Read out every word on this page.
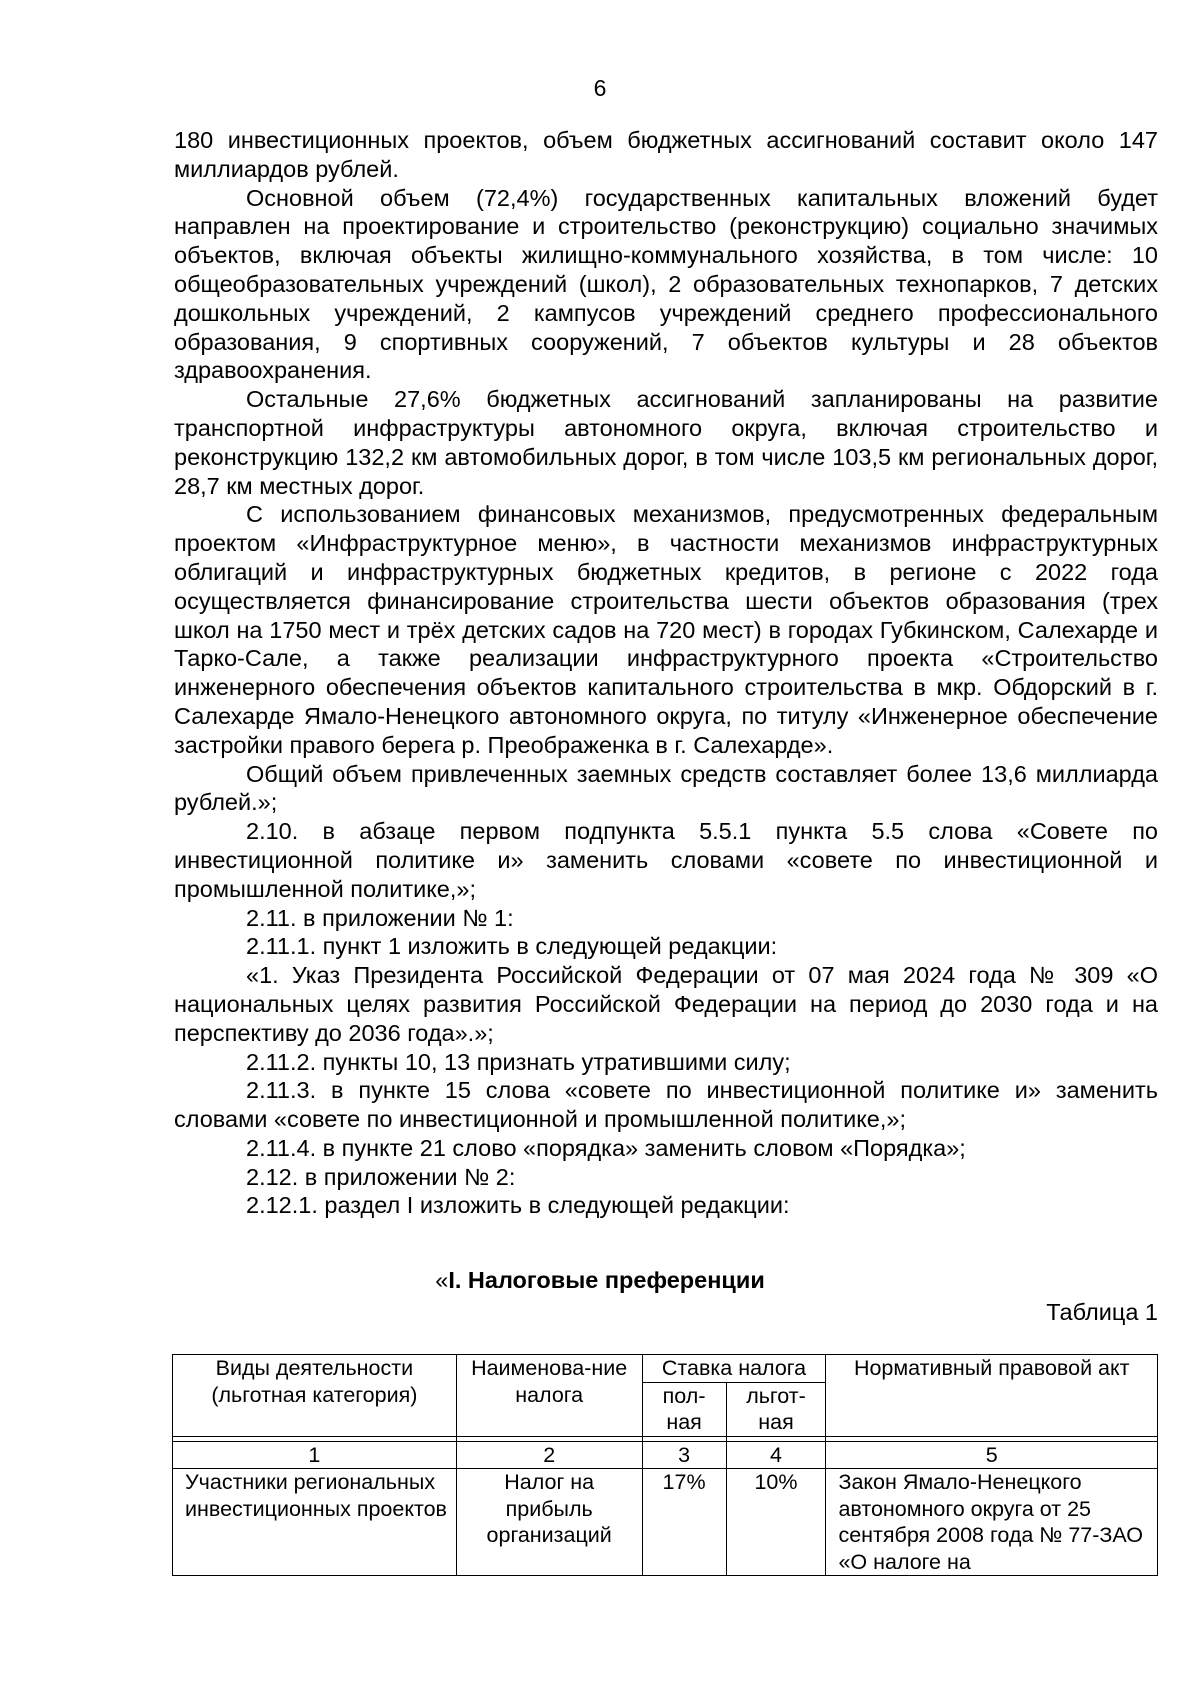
6

180 инвестиционных проектов, объем бюджетных ассигнований составит около 147 миллиардов рублей.

Основной объем (72,4%) государственных капитальных вложений будет направлен на проектирование и строительство (реконструкцию) социально значимых объектов, включая объекты жилищно-коммунального хозяйства, в том числе: 10 общеобразовательных учреждений (школ), 2 образовательных технопарков, 7 детских дошкольных учреждений, 2 кампусов учреждений среднего профессионального образования, 9 спортивных сооружений, 7 объектов культуры и 28 объектов здравоохранения.

Остальные 27,6% бюджетных ассигнований запланированы на развитие транспортной инфраструктуры автономного округа, включая строительство и реконструкцию 132,2 км автомобильных дорог, в том числе 103,5 км региональных дорог, 28,7 км местных дорог.

С использованием финансовых механизмов, предусмотренных федеральным проектом «Инфраструктурное меню», в частности механизмов инфраструктурных облигаций и инфраструктурных бюджетных кредитов, в регионе с 2022 года осуществляется финансирование строительства шести объектов образования (трех школ на 1750 мест и трёх детских садов на 720 мест) в городах Губкинском, Салехарде и Тарко-Сале, а также реализации инфраструктурного проекта «Строительство инженерного обеспечения объектов капитального строительства в мкр. Обдорский в г. Салехарде Ямало-Ненецкого автономного округа, по титулу «Инженерное обеспечение застройки правого берега р. Преображенка в г. Салехарде».

Общий объем привлеченных заемных средств составляет более 13,6 миллиарда рублей.»;

2.10. в абзаце первом подпункта 5.5.1 пункта 5.5 слова «Совете по инвестиционной политике и» заменить словами «совете по инвестиционной и промышленной политике,»;

2.11. в приложении № 1:

2.11.1. пункт 1 изложить в следующей редакции:

«1. Указ Президента Российской Федерации от 07 мая 2024 года № 309 «О национальных целях развития Российской Федерации на период до 2030 года и на перспективу до 2036 года».»;

2.11.2. пункты 10, 13 признать утратившими силу;

2.11.3. в пункте 15 слова «совете по инвестиционной политике и» заменить словами «совете по инвестиционной и промышленной политике,»;

2.11.4. в пункте 21 слово «порядка» заменить словом «Порядка»;

2.12. в приложении № 2:

2.12.1. раздел I изложить в следующей редакции:

«I. Налоговые преференции
Таблица 1
Виды деятельности (льготная категория)	Наименова-ние налога	Ставка налога		Нормативный правовой акт
		пол-ная	льгот-ная	

1	2	3	4	5
Участники региональных инвестиционных проектов	Налог на прибыль организаций	17%	10%	Закон Ямало-Ненецкого автономного округа от 25 сентября 2008 года № 77-ЗАО «О налоге на
